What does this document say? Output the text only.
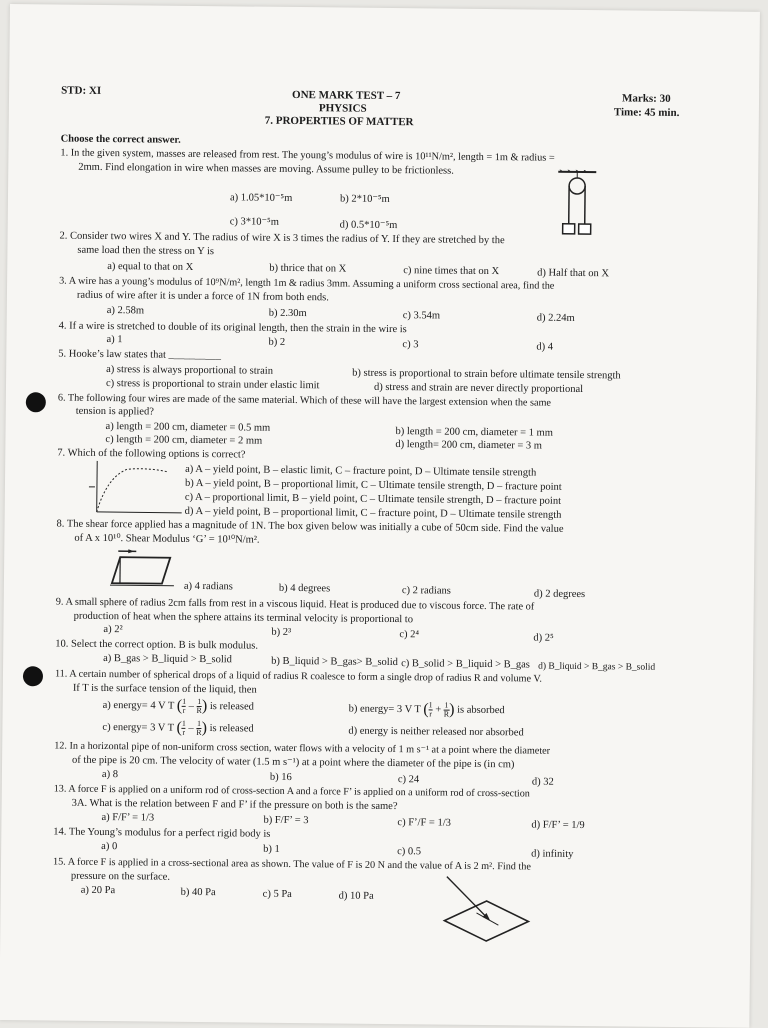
STD: XI	ONE MARK TEST – 7
PHYSICS
7. PROPERTIES OF MATTER
Marks: 30
Time: 45 min.
Choose the correct answer.
1. In the given system, masses are released from rest. The young’s modulus of wire is 10¹¹N/m², length = 1m & radius =
2mm. Find elongation in wire when masses are moving. Assume pulley to be frictionless.
a) 1.05*10⁻⁵m	b) 2*10⁻⁵m
c) 3*10⁻⁵m	d) 0.5*10⁻⁵m
2. Consider two wires X and Y. The radius of wire X is 3 times the radius of Y. If they are stretched by the
same load then the stress on Y is
a) equal to that on X	b) thrice that on X	c) nine times that on X	d) Half that on X
3. A wire has a young’s modulus of 10⁹N/m², length 1m & radius 3mm. Assuming a uniform cross sectional area, find the
radius of wire after it is under a force of 1N from both ends.
a) 2.58m	b) 2.30m	c) 3.54m	d) 2.24m
4. If a wire is stretched to double of its original length, then the strain in the wire is
a) 1	b) 2	c) 3	d) 4
5. Hooke’s law states that __________
a) stress is always proportional to strain	b) stress is proportional to strain before ultimate tensile strength
c) stress is proportional to strain under elastic limit	d) stress and strain are never directly proportional
6. The following four wires are made of the same material. Which of these will have the largest extension when the same
tension is applied?
a) length = 200 cm, diameter = 0.5 mm	b) length = 200 cm, diameter = 1 mm
c) length = 200 cm, diameter = 2 mm	d) length= 200 cm, diameter = 3 m
7. Which of the following options is correct?
a) A – yield point, B – elastic limit, C – fracture point, D – Ultimate tensile strength
b) A – yield point, B – proportional limit, C – Ultimate tensile strength, D – fracture point
c) A – proportional limit, B – yield point, C – Ultimate tensile strength, D – fracture point
d) A – yield point, B – proportional limit, C – fracture point, D – Ultimate tensile strength
8. The shear force applied has a magnitude of 1N. The box given below was initially a cube of 50cm side. Find the value
of A x 10¹⁰. Shear Modulus ‘G’ = 10¹⁰N/m².
a) 4 radians	b) 4 degrees	c) 2 radians	d) 2 degrees
9. A small sphere of radius 2cm falls from rest in a viscous liquid. Heat is produced due to viscous force. The rate of
production of heat when the sphere attains its terminal velocity is proportional to
a) 2²	b) 2³	c) 2⁴	d) 2⁵
10. Select the correct option. B is bulk modulus.
a) B_gas > B_liquid > B_solid	b) B_liquid > B_gas> B_solid c) B_solid > B_liquid > B_gas d) B_liquid > B_gas > B_solid
11. A certain number of spherical drops of a liquid of radius R coalesce to form a single drop of radius R and volume V.
If T is the surface tension of the liquid, then
a) energy= 4 V T ( $\frac{1}{r} - \frac{1}{R}$ ) is released	b) energy= 3 V T ( $\frac{1}{r} + \frac{1}{R}$ ) is absorbed
c) energy= 3 V T ( $\frac{1}{r} - \frac{1}{R}$ ) is released	d) energy is neither released nor absorbed
12. In a horizontal pipe of non-uniform cross section, water flows with a velocity of 1 m s⁻¹ at a point where the diameter
of the pipe is 20 cm. The velocity of water (1.5 m s⁻¹) at a point where the diameter of the pipe is (in cm)
a) 8	b) 16	c) 24	d) 32
13. A force F is applied on a uniform rod of cross-section A and a force F’ is applied on a uniform rod of cross-section
3A. What is the relation between F and F’ if the pressure on both is the same?
a) F/F’ = 1/3	b) F/F’ = 3	c) F’/F = 1/3	d) F/F’ = 1/9
14. The Young’s modulus for a perfect rigid body is
a) 0	b) 1	c) 0.5	d) infinity
15. A force F is applied in a cross-sectional area as shown. The value of F is 20 N and the value of A is 2 m². Find the
pressure on the surface.
a) 20 Pa	b) 40 Pa	c) 5 Pa	d) 10 Pa
